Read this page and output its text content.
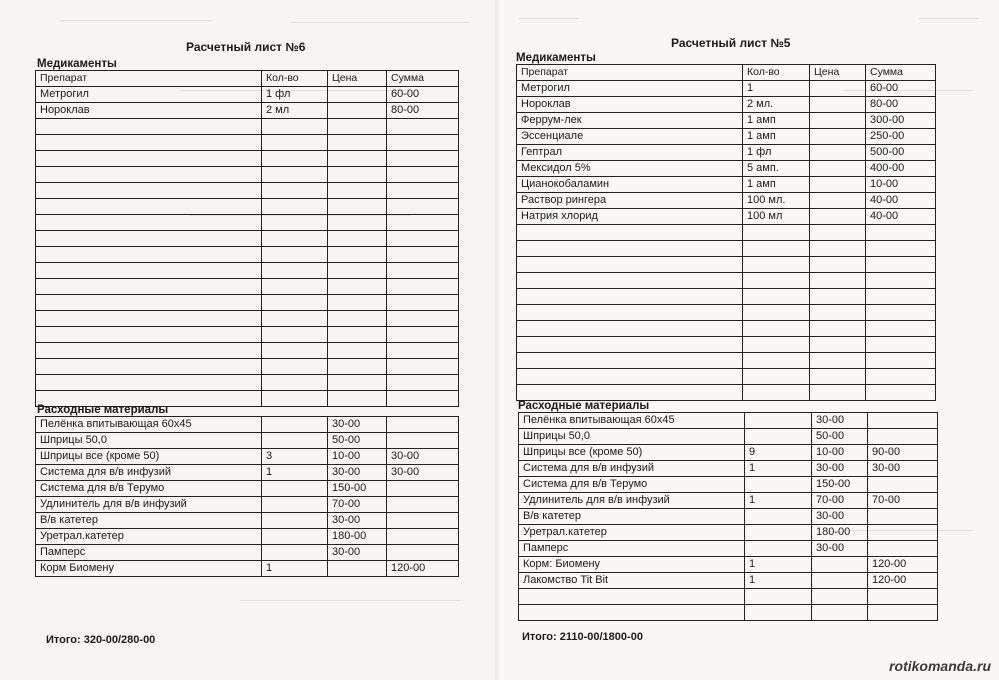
Расчетный лист №6
Медикаменты
Препарат	Кол-во	Цена	Сумма
Метрогил	1 фл		60-00
Нороклав	2 мл		80-00

Расходные материалы
Пелёнка впитывающая 60х45		30-00	
Шприцы 50,0		50-00	
Шприцы все (кроме 50)	3	10-00	30-00
Система для в/в инфузий	1	30-00	30-00
Система для в/в Терумо		150-00	
Удлинитель для в/в инфузий		70-00	
В/в катетер		30-00	
Уретрал.катетер		180-00	
Памперс		30-00	
Корм Биомену	1		120-00
Итого: 320-00/280-00
Расчетный лист №5
Медикаменты
Препарат	Кол-во	Цена	Сумма
Метрогил	1		60-00
Нороклав	2 мл.		80-00
Феррум-лек	1 амп		300-00
Эссенциале	1 амп		250-00
Гептрал	1 фл		500-00
Мексидол 5%	5 амп.		400-00
Цианокобаламин	1 амп		10-00
Раствор рингера	100 мл.		40-00
Натрия хлорид	100 мл		40-00

Расходные материалы
Пелёнка впитывающая 60х45		30-00	
Шприцы 50,0		50-00	
Шприцы все (кроме 50)	9	10-00	90-00
Система для в/в инфузий	1	30-00	30-00
Система для в/в Терумо		150-00	
Удлинитель для в/в инфузий	1	70-00	70-00
В/в катетер		30-00	
Уретрал.катетер		180-00	
Памперс		30-00	
Корм: Биомену	1		120-00
Лакомство Tit Bit	1		120-00

Итого: 2110-00/1800-00
rotikomanda.ru
